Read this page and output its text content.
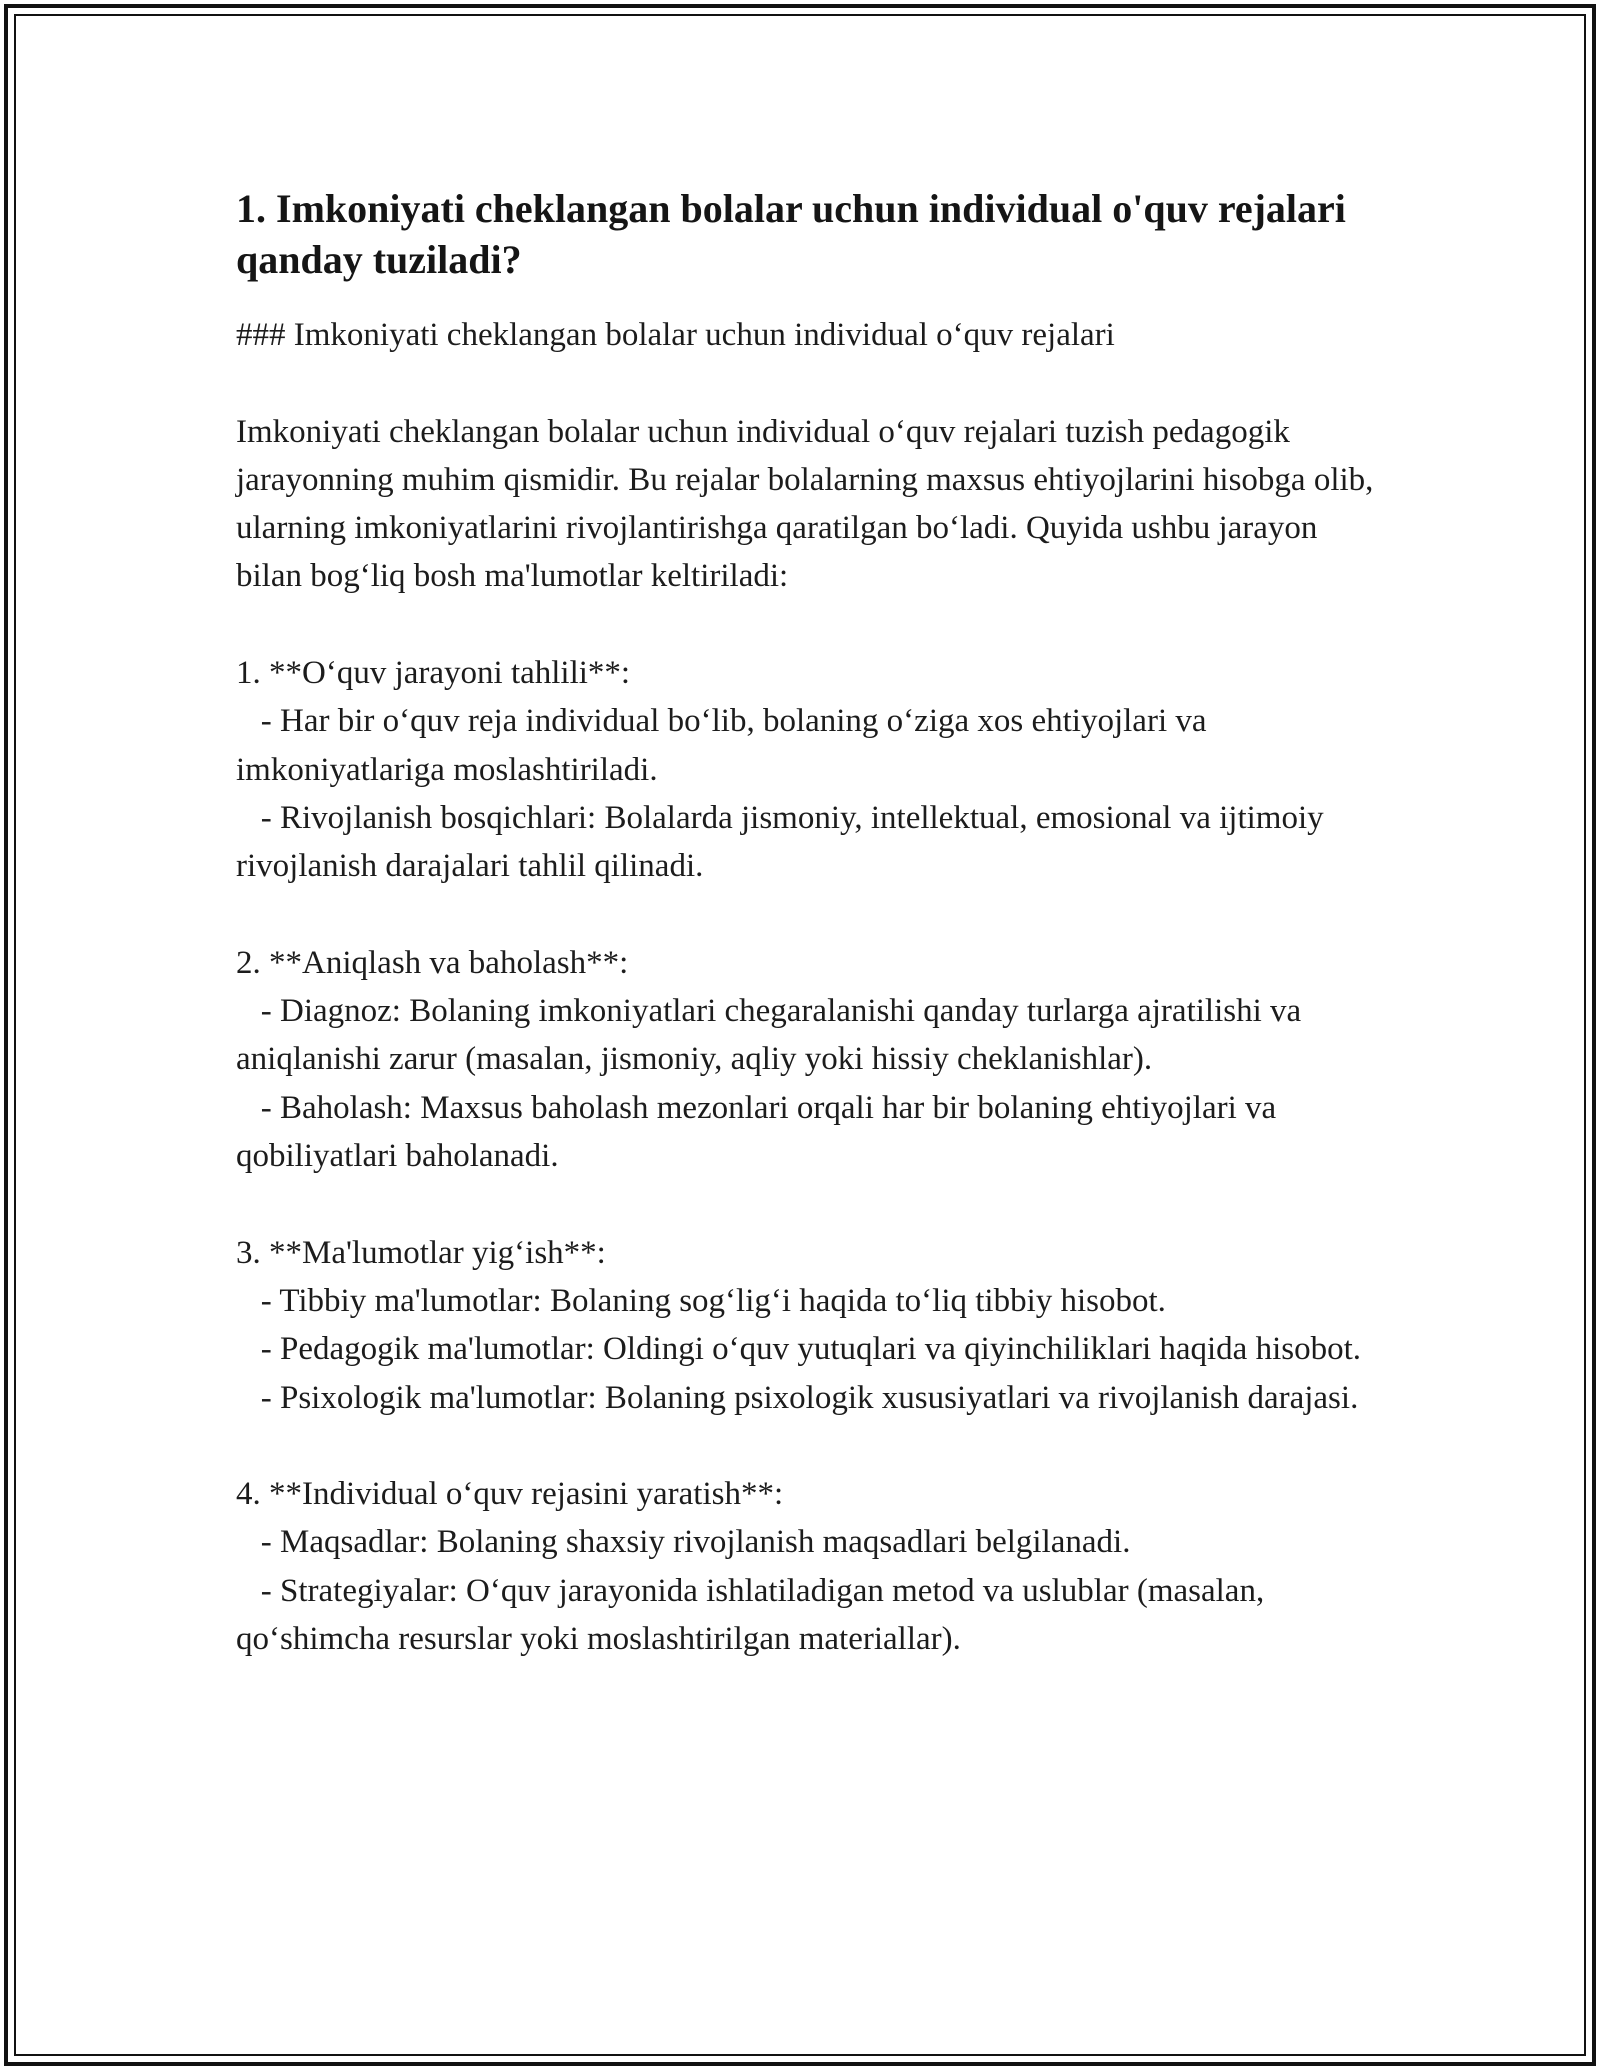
1. Imkoniyati cheklangan bolalar uchun individual o'quv rejalari qanday tuziladi?

### Imkoniyati cheklangan bolalar uchun individual o‘quv rejalari

Imkoniyati cheklangan bolalar uchun individual o‘quv rejalari tuzish pedagogik jarayonning muhim qismidir. Bu rejalar bolalarning maxsus ehtiyojlarini hisobga olib, ularning imkoniyatlarini rivojlantirishga qaratilgan bo‘ladi. Quyida ushbu jarayon bilan bog‘liq bosh ma'lumotlar keltiriladi:

1. **O‘quv jarayoni tahlili**:

- Har bir o‘quv reja individual bo‘lib, bolaning o‘ziga xos ehtiyojlari va imkoniyatlariga moslashtiriladi.

- Rivojlanish bosqichlari: Bolalarda jismoniy, intellektual, emosional va ijtimoiy rivojlanish darajalari tahlil qilinadi.

2. **Aniqlash va baholash**:

- Diagnoz: Bolaning imkoniyatlari chegaralanishi qanday turlarga ajratilishi va aniqlanishi zarur (masalan, jismoniy, aqliy yoki hissiy cheklanishlar).

- Baholash: Maxsus baholash mezonlari orqali har bir bolaning ehtiyojlari va qobiliyatlari baholanadi.

3. **Ma'lumotlar yig‘ish**:

- Tibbiy ma'lumotlar: Bolaning sog‘lig‘i haqida to‘liq tibbiy hisobot.

- Pedagogik ma'lumotlar: Oldingi o‘quv yutuqlari va qiyinchiliklari haqida hisobot.

- Psixologik ma'lumotlar: Bolaning psixologik xususiyatlari va rivojlanish darajasi.

4. **Individual o‘quv rejasini yaratish**:

- Maqsadlar: Bolaning shaxsiy rivojlanish maqsadlari belgilanadi.

- Strategiyalar: O‘quv jarayonida ishlatiladigan metod va uslublar (masalan, qo‘shimcha resurslar yoki moslashtirilgan materiallar).
